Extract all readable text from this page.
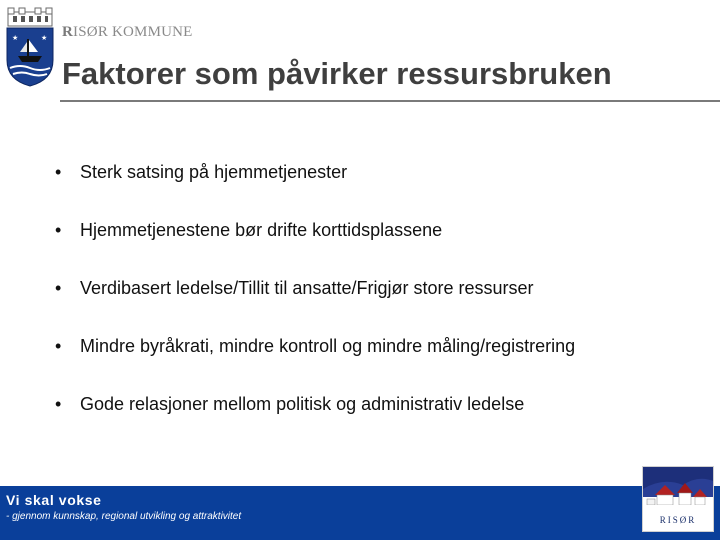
★	★ RISØR KOMMUNE
Faktorer som påvirker ressursbruken
• Sterk satsing på hjemmetjenester
• Hjemmetjenestene bør drifte korttidsplassene
• Verdibasert ledelse/Tillit til ansatte/Frigjør store ressurser
• Mindre byråkrati, mindre kontroll og mindre måling/registrering
• Gode relasjoner mellom politisk og administrativ ledelse
Vi skal vokse
- gjennom kunnskap, regional utvikling og attraktivitet	RISØR
